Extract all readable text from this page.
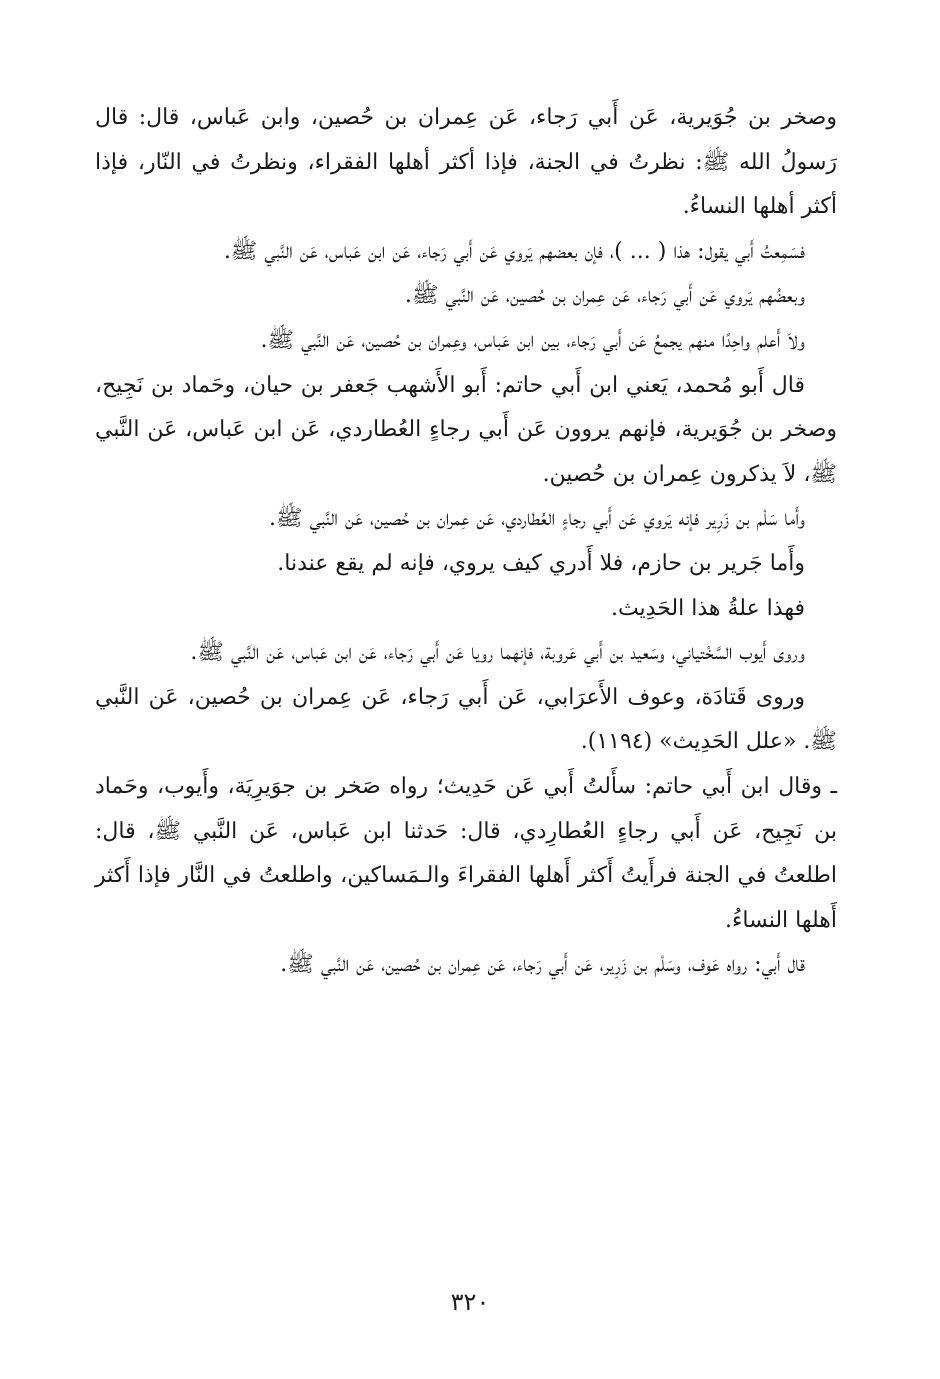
وصخر بن جُوَيرية، عَن أَبي رَجاء، عَن عِمران بن حُصين، وابن عَباس، قال: قال رَسولُ الله ﷺ: نظرتُ في الجنة، فإذا أكثر أهلها الفقراء، ونظرتُ في النّار، فإذا أكثر أهلها النساءُ.

فسَمِعتُ أَبي يقول: هذا ( ... )، فإن بعضهم يَروي عَن أَبي رَجاء، عَن ابن عَباس، عَن النَّبي ﷺ.

وبعضُهم يَروي عَن أَبي رَجاء، عَن عِمران بن حُصين، عَن النَّبي ﷺ.

ولاَ أَعلم واحِدًا منهم يجمعُ عَن أَبي رَجاء، بين ابن عَباس، وعِمران بن حُصين، عَن النَّبي ﷺ.

قال أَبو مُحمد، يَعني ابن أَبي حاتم: أَبو الأَشهب جَعفر بن حيان، وحَماد بن نَجِيح، وصخر بن جُوَيرية، فإنهم يروون عَن أَبي رجاءٍ العُطاردي، عَن ابن عَباس، عَن النَّبي ﷺ، لاَ يذكرون عِمران بن حُصين.

وأَما سَلْم بن زَرِير فإنه يَروي عَن أَبي رجاءٍ العُطاردي، عَن عِمران بن حُصين، عَن النَّبي ﷺ.

وأَما جَرير بن حازم، فلا أَدري كيف يروي، فإنه لم يقع عندنا.

فهذا علةُ هذا الحَدِيث.

وروى أَيوب السَّخْتياني، وسَعيد بن أَبي عَروبة، فإنهما رويا عَن أَبي رَجاء، عَن ابن عَباس، عَن النَّبي ﷺ.

وروى قَتادَة، وعوف الأَعرَابي، عَن أَبي رَجاء، عَن عِمران بن حُصين، عَن النَّبي ﷺ. «علل الحَدِيث» (١١٩٤).

ـ وقال ابن أَبي حاتم: سأَلتُ أَبي عَن حَدِيث؛ رواه صَخر بن جوَيرِيَة، وأَيوب، وحَماد بن نَجِيح، عَن أَبي رجاءٍ العُطارِدي، قال: حَدثنا ابن عَباس، عَن النَّبي ﷺ، قال: اطلعتُ في الجنة فرأَيتُ أَكثر أَهلها الفقراءَ والـمَساكين، واطلعتُ في النَّار فإذا أَكثر أَهلها النساءُ.

قال أَبي: رواه عَوف، وسَلْم بن زَرِير، عَن أَبي رَجاء، عَن عِمران بن حُصين، عَن النَّبي ﷺ.

٣٢٠
